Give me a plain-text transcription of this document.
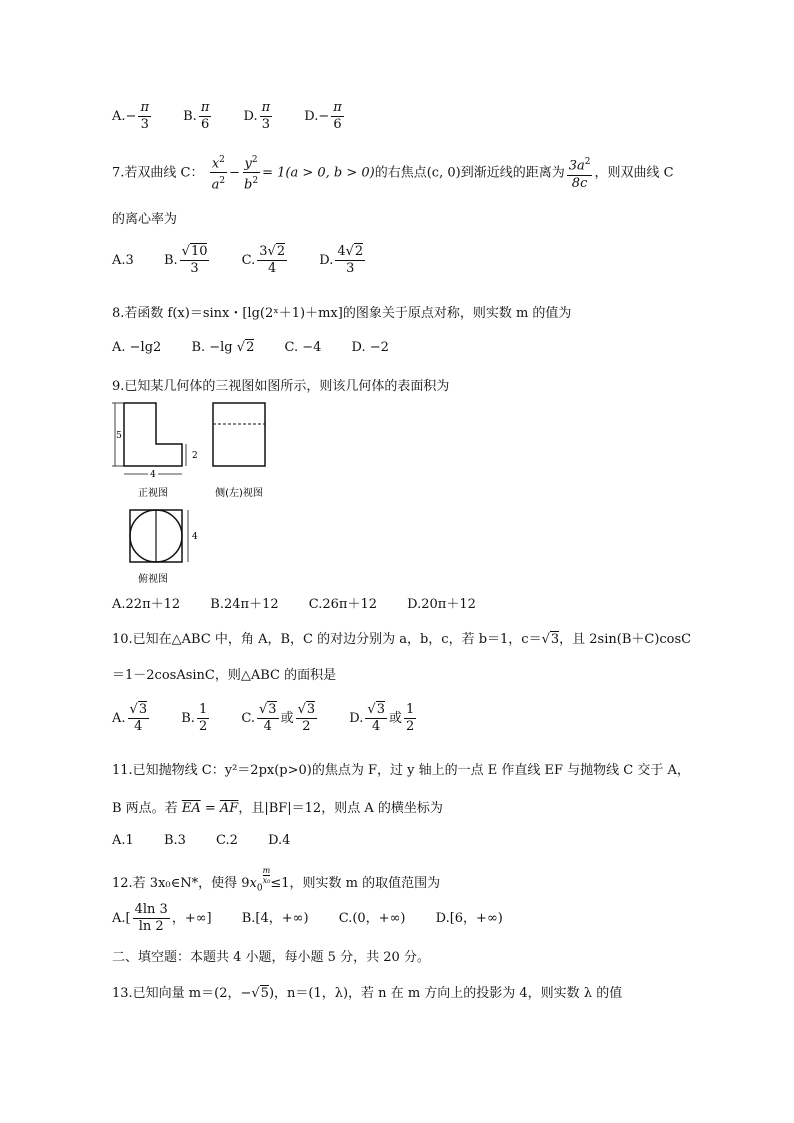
$A.- \frac{\pi}{3} B$. $\frac{\pi}{6} D$. $\frac{\pi}{3} D.- \frac{\pi}{6}$
7.若双曲线 C： $\frac{x^2}{a^2} - \frac{y^2}{b^2} = 1(a > 0$, b > 0)的右焦点(c, 0)到渐近线的距离为 $\frac{3a^2}{8c}$ ，则双曲线 C
的离心率为
A.3 B. $\frac{√10}{3} C$. $\frac{3√2}{4} D$. $\frac{4√2}{3}$
8.若函数 f(x)＝sinx・[lg(2ˣ＋1)＋mx]的图象关于原点对称，则实数 m 的值为
A. −lg2 B. −lg √2 C. −4 D. −2
9.已知某几何体的三视图如图所示，则该几何体的表面积为
5
2
4
正视图	侧(左)视图
4
俯视图
A.22π＋12 B.24π＋12 C.26π＋12 D.20π＋12
10.已知在△ABC 中，角 A，B，C 的对边分别为 a，b，c，若 b＝1，c＝√3，且 2sin(B＋C)cosC
＝1－2cosAsinC，则△ABC 的面积是
A. $\frac{√3}{4} B$. $\frac{1}{2} C$. $\frac{√3}{4}$ 或 $\frac{√3}{2} D$. $\frac{√3}{4}$ 或 $\frac{1}{2}$
11.已知抛物线 C：y²＝2px(p>0)的焦点为 F，过 y 轴上的一点 E 作直线 EF 与抛物线 C 交于 A，
B 两点。若 $\overline{EA} = \overline{AF}$，且|BF|＝12，则点 A 的横坐标为
A.1 B.3 C.2 D.4
12.若 3x₀∈N*，使得 $9x_0$
$\frac{m}{\text{x₀}} \le 1$，则实数 m 的取值范围为
$A.[ \frac{4\ln 3}{\ln 2}$ ，+∞] B.[4，+∞) C.(0，+∞) D.[6，+∞)
二、填空题：本题共 4 小题，每小题 5 分，共 20 分。
13.已知向量 m＝(2，−√5)，n＝(1，λ)，若 n 在 m 方向上的投影为 4，则实数 λ 的值
